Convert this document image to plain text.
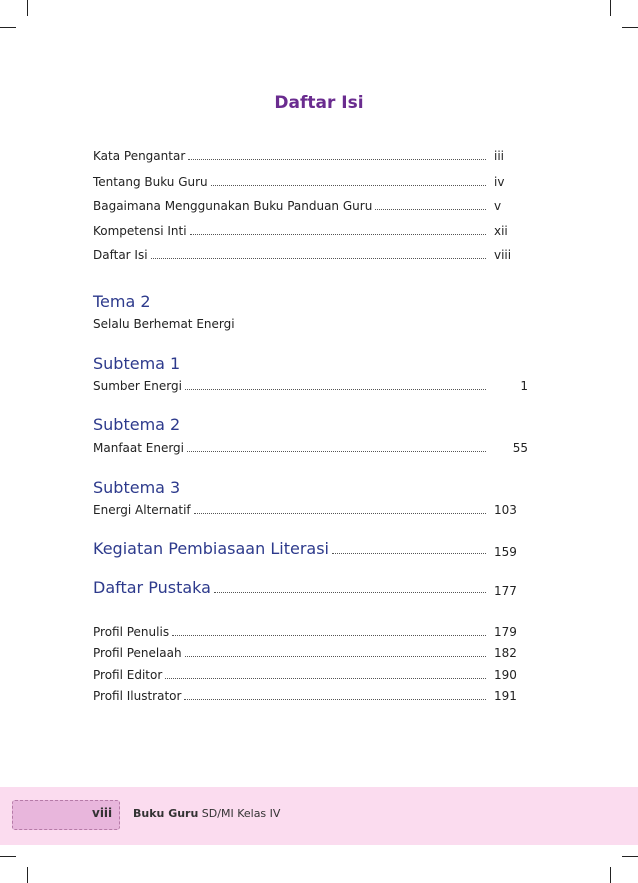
Daftar Isi
Kata Pengantar	iii
Tentang Buku Guru	iv
Bagaimana Menggunakan Buku Panduan Guru	v
Kompetensi Inti	xii
Daftar Isi	viii
Tema 2
Selalu Berhemat Energi
Subtema 1
Sumber Energi	1
Subtema 2
Manfaat Energi	55
Subtema 3
Energi Alternatif	103
Kegiatan Pembiasaan Literasi	159
Daftar Pustaka	177
Profil Penulis	179
Profil Penelaah	182
Profil Editor	190
Profil Ilustrator	191
viii Buku Guru SD/MI Kelas IV
